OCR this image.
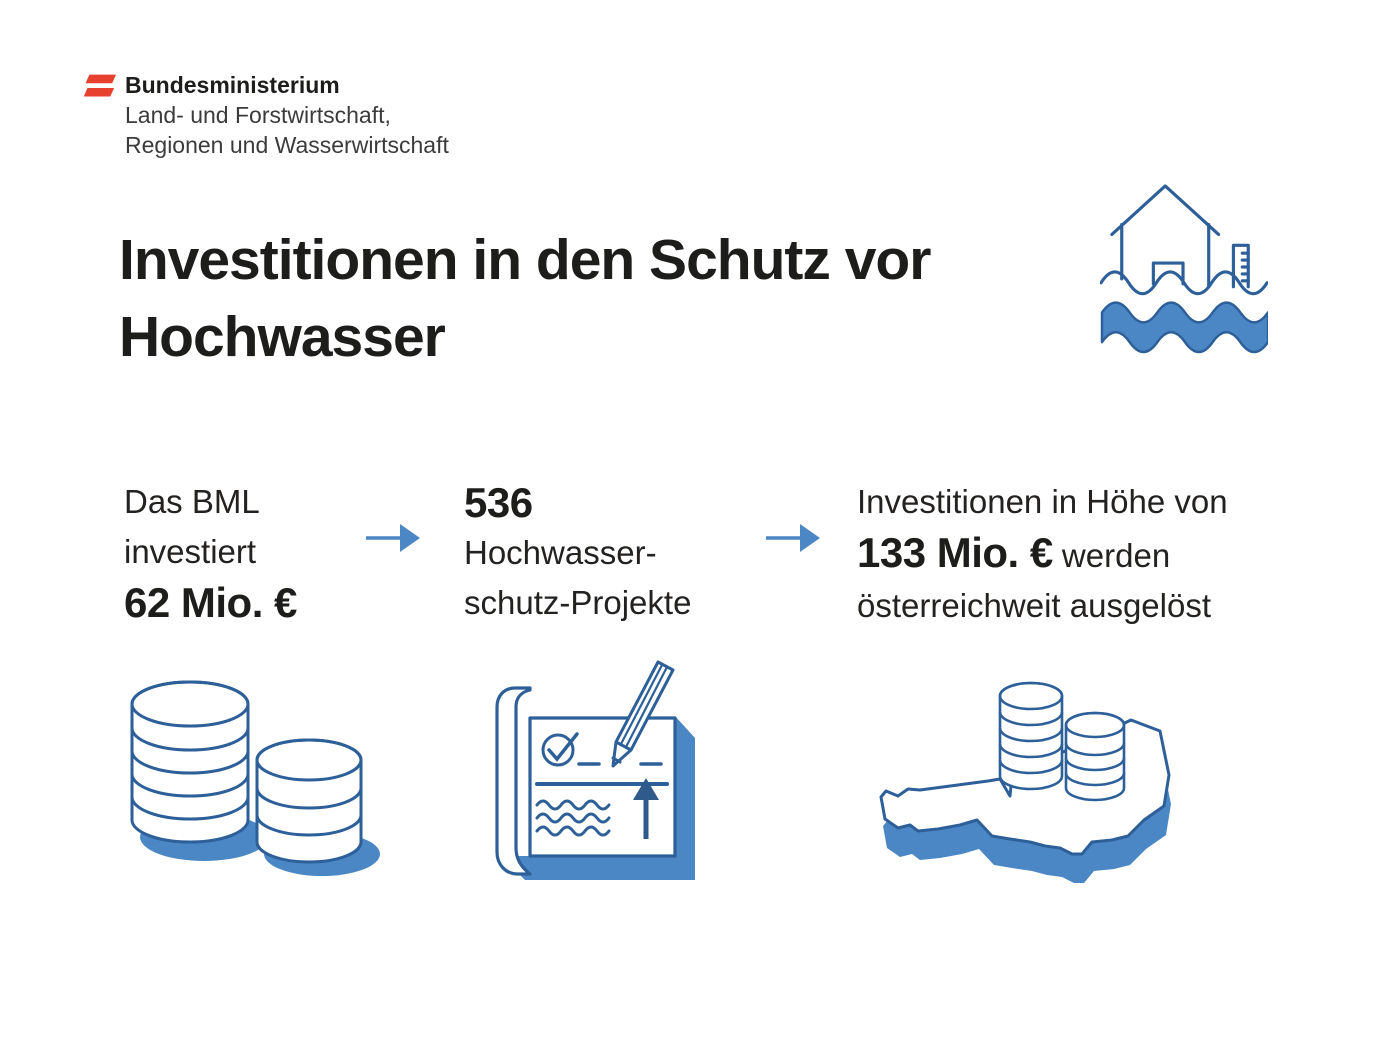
Bundesministerium
Land- und Forstwirtschaft,
Regionen und Wasserwirtschaft
Investitionen in den Schutz vor
Hochwasser
Das BML
investiert
62 Mio. €
536
Hochwasser-
schutz-Projekte
Investitionen in Höhe von
133 Mio. € werden
österreichweit ausgelöst
